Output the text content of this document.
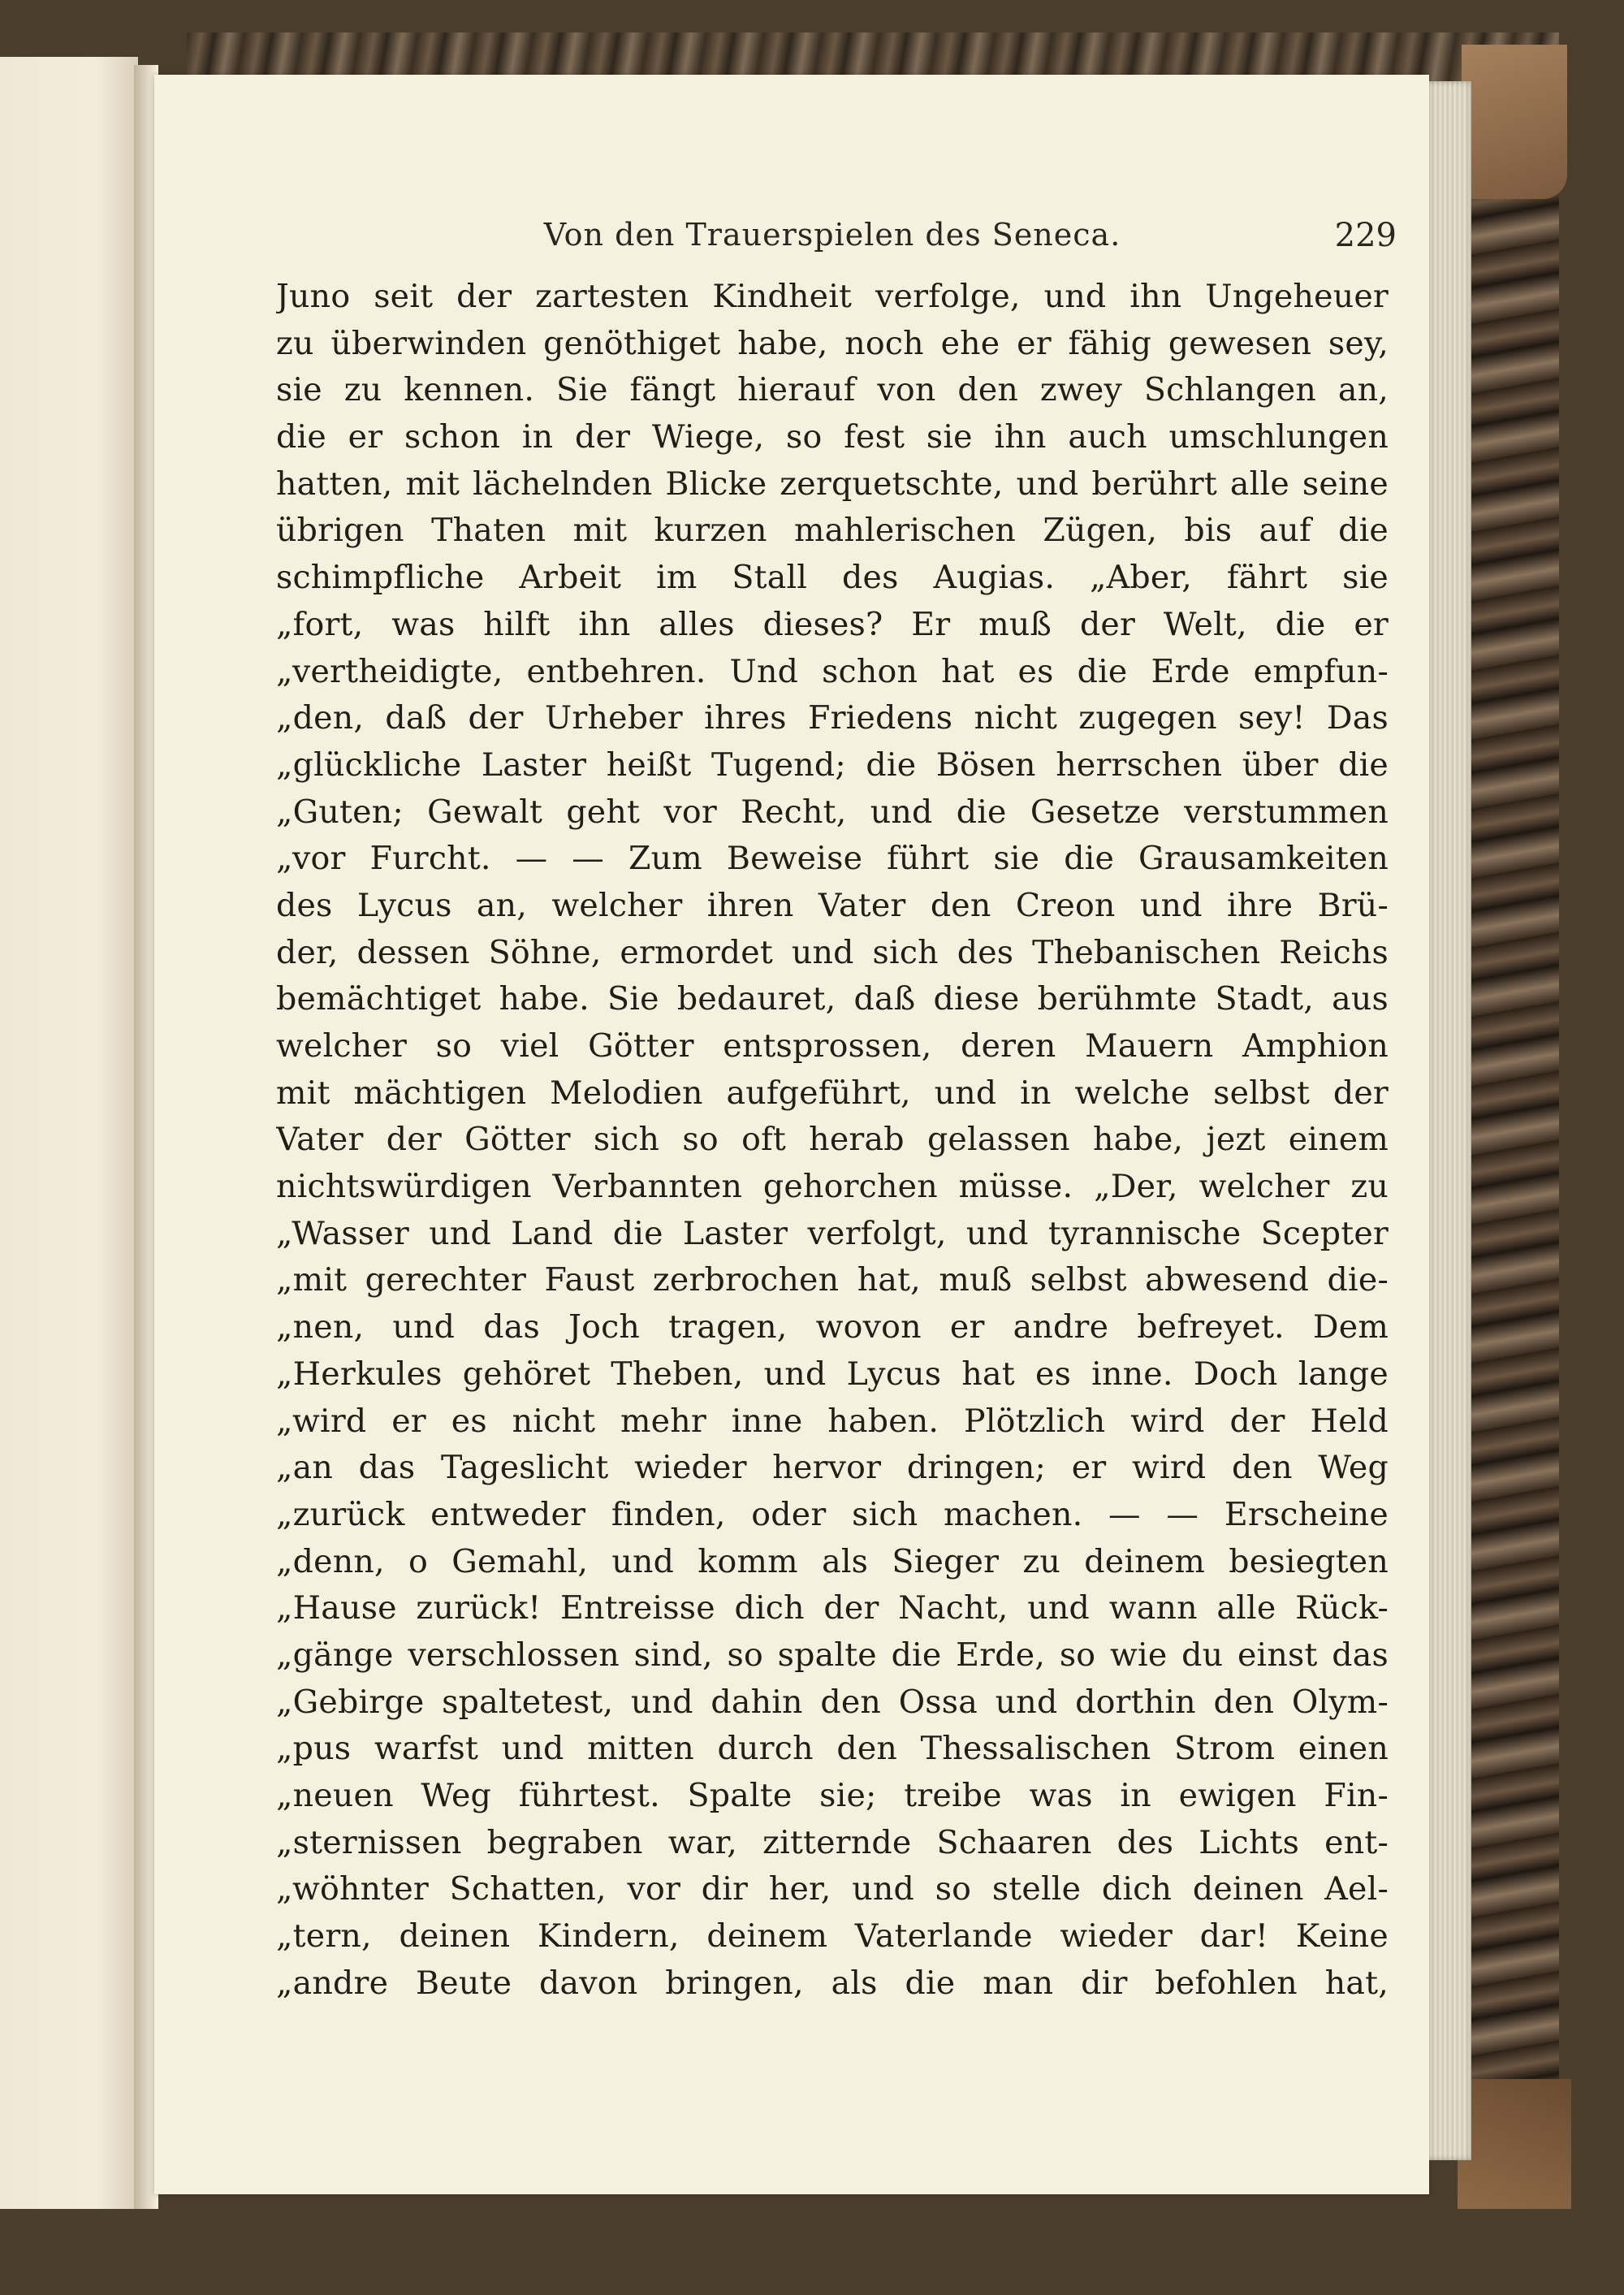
Von den Trauerspielen des Seneca.	229
Juno seit der zartesten Kindheit verfolge, und ihn Ungeheuer
zu überwinden genöthiget habe, noch ehe er fähig gewesen sey,
sie zu kennen. Sie fängt hierauf von den zwey Schlangen an,
die er schon in der Wiege, so fest sie ihn auch umschlungen
hatten, mit lächelnden Blicke zerquetschte, und berührt alle seine
übrigen Thaten mit kurzen mahlerischen Zügen, bis auf die
schimpfliche Arbeit im Stall des Augias. „Aber, fährt sie
„fort, was hilft ihn alles dieses? Er muß der Welt, die er
„vertheidigte, entbehren. Und schon hat es die Erde empfun-
„den, daß der Urheber ihres Friedens nicht zugegen sey! Das
„glückliche Laster heißt Tugend; die Bösen herrschen über die
„Guten; Gewalt geht vor Recht, und die Gesetze verstummen
„vor Furcht. — — Zum Beweise führt sie die Grausamkeiten
des Lycus an, welcher ihren Vater den Creon und ihre Brü-
der, dessen Söhne, ermordet und sich des Thebanischen Reichs
bemächtiget habe. Sie bedauret, daß diese berühmte Stadt, aus
welcher so viel Götter entsprossen, deren Mauern Amphion
mit mächtigen Melodien aufgeführt, und in welche selbst der
Vater der Götter sich so oft herab gelassen habe, jezt einem
nichtswürdigen Verbannten gehorchen müsse. „Der, welcher zu
„Wasser und Land die Laster verfolgt, und tyrannische Scepter
„mit gerechter Faust zerbrochen hat, muß selbst abwesend die-
„nen, und das Joch tragen, wovon er andre befreyet. Dem
„Herkules gehöret Theben, und Lycus hat es inne. Doch lange
„wird er es nicht mehr inne haben. Plötzlich wird der Held
„an das Tageslicht wieder hervor dringen; er wird den Weg
„zurück entweder finden, oder sich machen. — — Erscheine
„denn, o Gemahl, und komm als Sieger zu deinem besiegten
„Hause zurück! Entreisse dich der Nacht, und wann alle Rück-
„gänge verschlossen sind, so spalte die Erde, so wie du einst das
„Gebirge spaltetest, und dahin den Ossa und dorthin den Olym-
„pus warfst und mitten durch den Thessalischen Strom einen
„neuen Weg führtest. Spalte sie; treibe was in ewigen Fin-
„sternissen begraben war, zitternde Schaaren des Lichts ent-
„wöhnter Schatten, vor dir her, und so stelle dich deinen Ael-
„tern, deinen Kindern, deinem Vaterlande wieder dar! Keine
„andre Beute davon bringen, als die man dir befohlen hat,
